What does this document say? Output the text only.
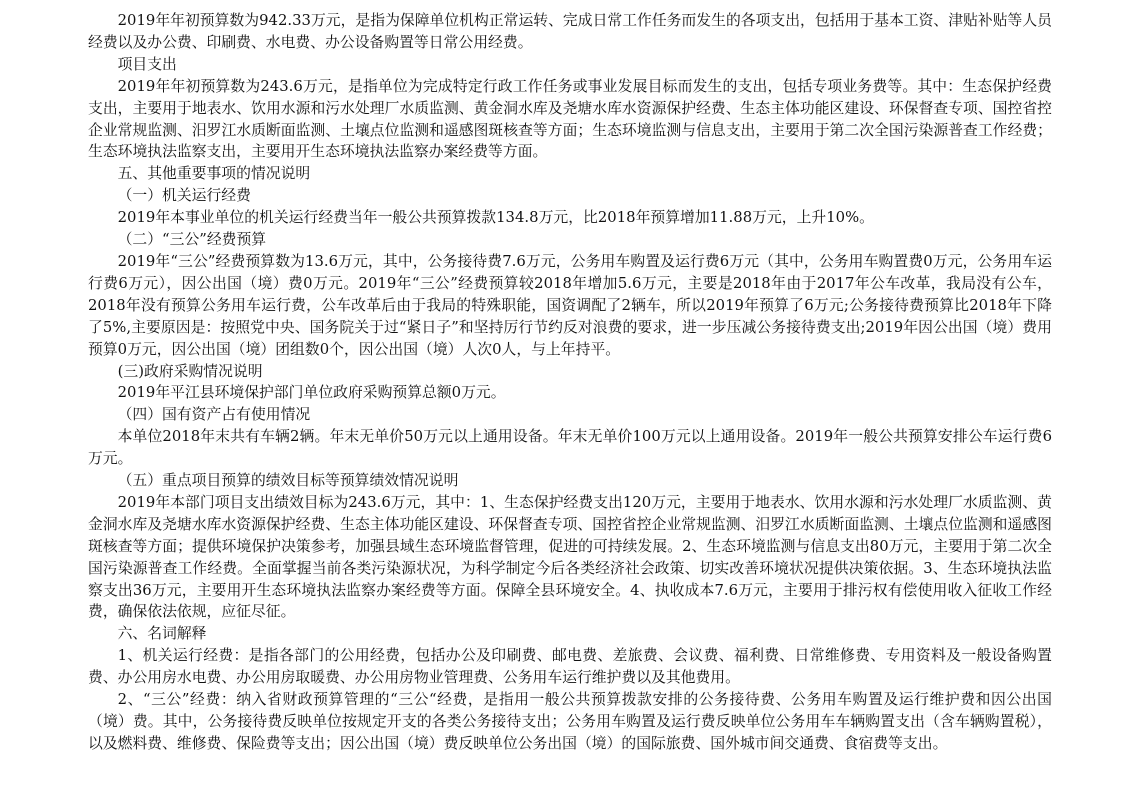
2019年年初预算数为942.33万元，是指为保障单位机构正常运转、完成日常工作任务而发生的各项支出，包括用于基本工资、津贴补贴等人员经费以及办公费、印刷费、水电费、办公设备购置等日常公用经费。

项目支出

2019年年初预算数为243.6万元，是指单位为完成特定行政工作任务或事业发展目标而发生的支出，包括专项业务费等。其中：生态保护经费支出，主要用于地表水、饮用水源和污水处理厂水质监测、黄金洞水库及尧塘水库水资源保护经费、生态主体功能区建设、环保督查专项、国控省控企业常规监测、汨罗江水质断面监测、土壤点位监测和遥感图斑核查等方面；生态环境监测与信息支出，主要用于第二次全国污染源普查工作经费；生态环境执法监察支出，主要用开生态环境执法监察办案经费等方面。

五、其他重要事项的情况说明

（一）机关运行经费

2019年本事业单位的机关运行经费当年一般公共预算拨款134.8万元，比2018年预算增加11.88万元，上升10%。

（二）“三公”经费预算

2019年“三公”经费预算数为13.6万元，其中，公务接待费7.6万元，公务用车购置及运行费6万元（其中，公务用车购置费0万元，公务用车运行费6万元），因公出国（境）费0万元。2019年“三公”经费预算较2018年增加5.6万元，主要是2018年由于2017年公车改革，我局没有公车，2018年没有预算公务用车运行费，公车改革后由于我局的特殊职能，国资调配了2辆车，所以2019年预算了6万元;公务接待费预算比2018年下降了5%,主要原因是：按照党中央、国务院关于过“紧日子”和坚持厉行节约反对浪费的要求，进一步压减公务接待费支出;2019年因公出国（境）费用预算0万元，因公出国（境）团组数0个，因公出国（境）人次0人，与上年持平。

(三)政府采购情况说明

2019年平江县环境保护部门单位政府采购预算总额0万元。

（四）国有资产占有使用情况

本单位2018年末共有车辆2辆。年末无单价50万元以上通用设备。年末无单价100万元以上通用设备。2019年一般公共预算安排公车运行费6万元。

（五）重点项目预算的绩效目标等预算绩效情况说明

2019年本部门项目支出绩效目标为243.6万元，其中：1、生态保护经费支出120万元，主要用于地表水、饮用水源和污水处理厂水质监测、黄金洞水库及尧塘水库水资源保护经费、生态主体功能区建设、环保督查专项、国控省控企业常规监测、汨罗江水质断面监测、土壤点位监测和遥感图斑核查等方面；提供环境保护决策参考，加强县域生态环境监督管理，促进的可持续发展。2、生态环境监测与信息支出80万元，主要用于第二次全国污染源普查工作经费。全面掌握当前各类污染源状况，为科学制定今后各类经济社会政策、切实改善环境状况提供决策依据。3、生态环境执法监察支出36万元，主要用开生态环境执法监察办案经费等方面。保障全县环境安全。4、执收成本7.6万元，主要用于排污权有偿使用收入征收工作经费，确保依法依规，应征尽征。

六、名词解释

1、机关运行经费：是指各部门的公用经费，包括办公及印刷费、邮电费、差旅费、会议费、福利费、日常维修费、专用资料及一般设备购置费、办公用房水电费、办公用房取暖费、办公用房物业管理费、公务用车运行维护费以及其他费用。

2、“三公”经费：纳入省财政预算管理的“三公“经费，是指用一般公共预算拨款安排的公务接待费、公务用车购置及运行维护费和因公出国（境）费。其中，公务接待费反映单位按规定开支的各类公务接待支出；公务用车购置及运行费反映单位公务用车车辆购置支出（含车辆购置税），以及燃料费、维修费、保险费等支出；因公出国（境）费反映单位公务出国（境）的国际旅费、国外城市间交通费、食宿费等支出。
